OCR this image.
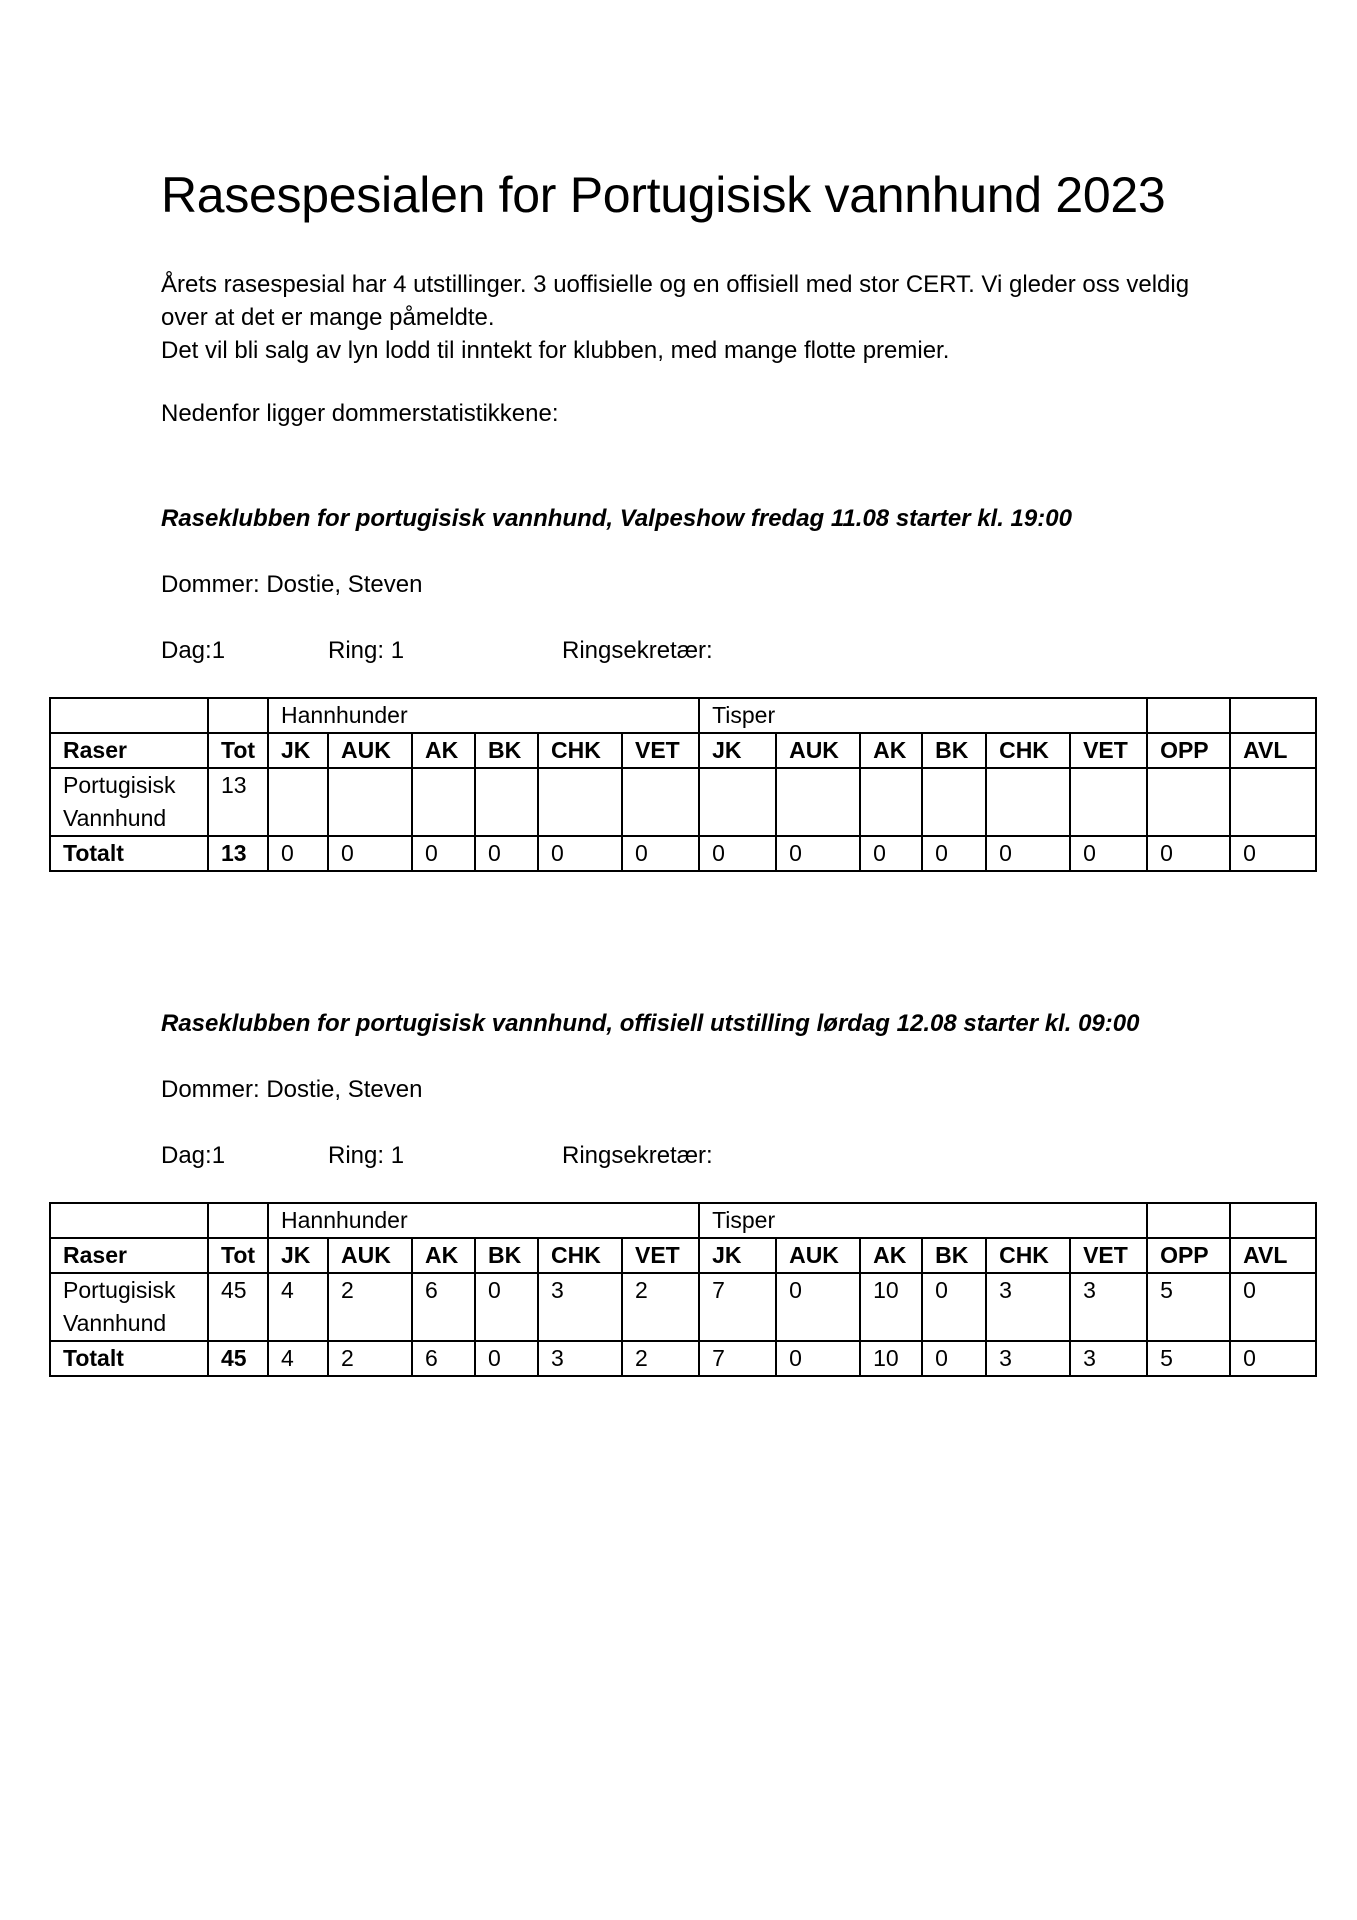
Rasespesialen for Portugisisk vannhund 2023

Årets rasespesial har 4 utstillinger. 3 uoffisielle og en offisiell med stor CERT. Vi gleder oss veldig over at det er mange påmeldte.

Det vil bli salg av lyn lodd til inntekt for klubben, med mange flotte premier.

Nedenfor ligger dommerstatistikkene:
Raseklubben for portugisisk vannhund, Valpeshow fredag 11.08 starter kl. 19:00
Dommer: Dostie, Steven
Dag:1	Ring: 1	Ringsekretær:
		Hannhunder						Tisper							
Raser	Tot	JK	AUK	AK	BK	CHK	VET	JK	AUK	AK	BK	CHK	VET	OPP	AVL
Portugisisk Vannhund	13														
Totalt	13	0	0	0	0	0	0	0	0	0	0	0	0	0	0
Raseklubben for portugisisk vannhund, offisiell utstilling lørdag 12.08 starter kl. 09:00
Dommer: Dostie, Steven
Dag:1	Ring: 1	Ringsekretær:
		Hannhunder						Tisper							
Raser	Tot	JK	AUK	AK	BK	CHK	VET	JK	AUK	AK	BK	CHK	VET	OPP	AVL
Portugisisk Vannhund	45	4	2	6	0	3	2	7	0	10	0	3	3	5	0
Totalt	45	4	2	6	0	3	2	7	0	10	0	3	3	5	0
